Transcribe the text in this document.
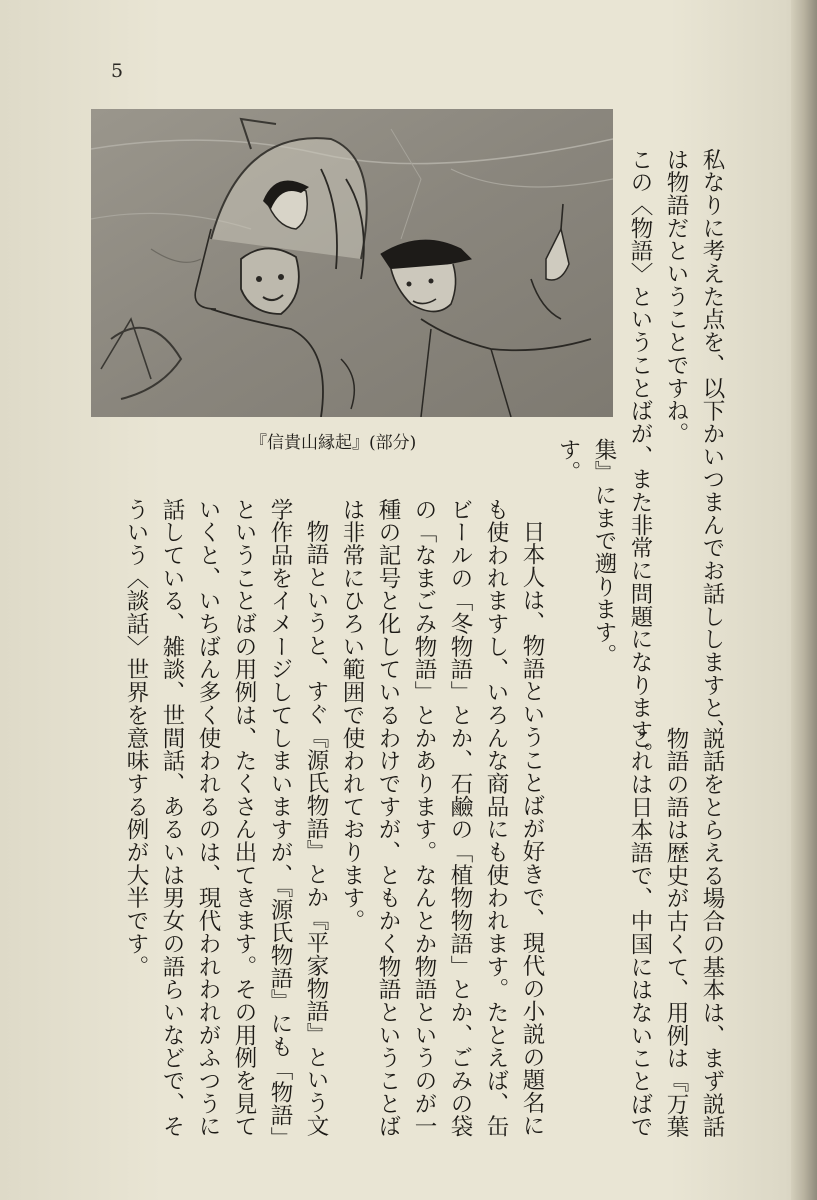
5
『信貴山縁起』(部分)	私なりに考えた点を、以下かいつまんでお話ししますと、
は物語だということですね。
この〈物語〉ということばが、また非常に問題になります。
説話をとらえる場合の基本は、まず説話
物語の語は歴史が古くて、用例は『万葉
集』にまで遡ります。
これは日本語で、中国にはないことばで
す。
日本人は、物語ということばが好きで、現代の小説の題名に
も使われますし、いろんな商品にも使われます。たとえば、缶
ビールの「冬物語」とか、石鹼の「植物物語」とか、ごみの袋
の「なまごみ物語」とかあります。なんとか物語というのが一
種の記号と化しているわけですが、ともかく物語ということば
は非常にひろい範囲で使われております。
物語というと、すぐ『源氏物語』とか『平家物語』という文
学作品をイメージしてしまいますが、『源氏物語』にも「物語」
ということばの用例は、たくさん出てきます。その用例を見て
いくと、いちばん多く使われるのは、現代われわれがふつうに
話している、雑談、世間話、あるいは男女の語らいなどで、そ
ういう〈談話〉世界を意味する例が大半です。
